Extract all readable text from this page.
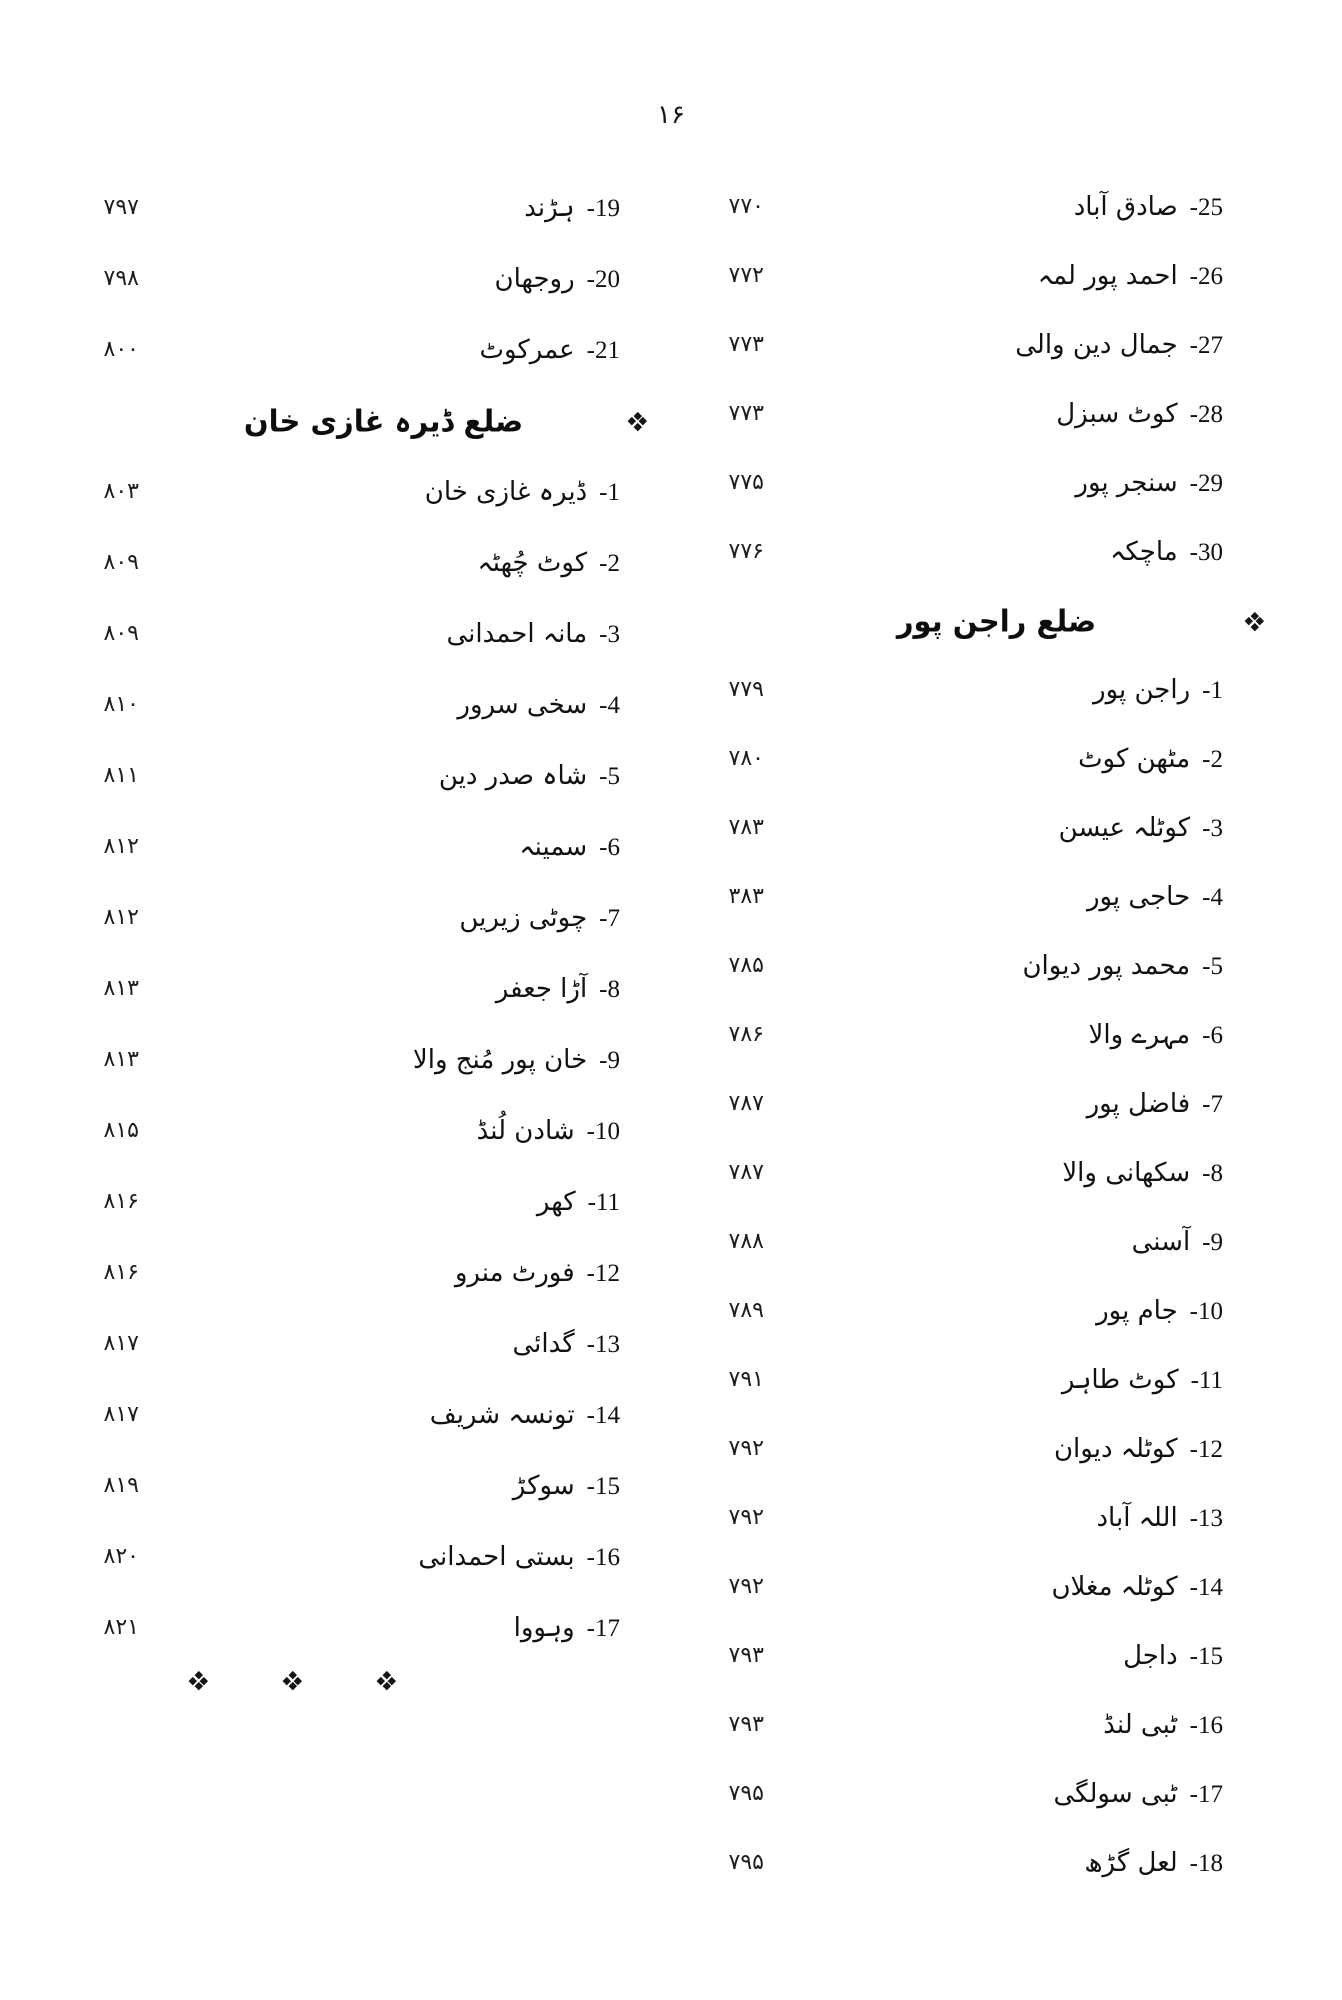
۱۶
۷۷۰	25-صادق آباد
۷۷۲	26-احمد پور لمہ
۷۷۳	27-جمال دین والی
۷۷۳	28-کوٹ سبزل
۷۷۵	29-سنجر پور
۷۷۶	30-ماچکہ
ضلع راجن پور
۷۷۹	1-راجن پور
۷۸۰	2-مٹھن کوٹ
۷۸۳	3-کوٹلہ عیسن
۳۸۳	4-حاجی پور
۷۸۵	5-محمد پور دیوان
۷۸۶	6-مہرے والا
۷۸۷	7-فاضل پور
۷۸۷	8-سکھانی والا
۷۸۸	9-آسنی
۷۸۹	10-جام پور
۷۹۱	11-کوٹ طاہر
۷۹۲	12-کوٹلہ دیوان
۷۹۲	13-اللہ آباد
۷۹۲	14-کوٹلہ مغلاں
۷۹۳	15-داجل
۷۹۳	16-ٹبی لنڈ
۷۹۵	17-ٹبی سولگی
۷۹۵	18-لعل گڑھ
۷۹۷	19-ہڑند
۷۹۸	20-روجھان
۸۰۰	21-عمرکوٹ
ضلع ڈیرہ غازی خان
۸۰۳	1-ڈیرہ غازی خان
۸۰۹	2-کوٹ چُھٹہ
۸۰۹	3-مانہ احمدانی
۸۱۰	4-سخی سرور
۸۱۱	5-شاہ صدر دین
۸۱۲	6-سمینہ
۸۱۲	7-چوٹی زیریں
۸۱۳	8-آڑا جعفر
۸۱۳	9-خان پور مُنج والا
۸۱۵	10-شادن لُنڈ
۸۱۶	11-کھر
۸۱۶	12-فورٹ منرو
۸۱۷	13-گدائی
۸۱۷	14-تونسہ شریف
۸۱۹	15-سوکڑ
۸۲۰	16-بستی احمدانی
۸۲۱	17-وہووا
